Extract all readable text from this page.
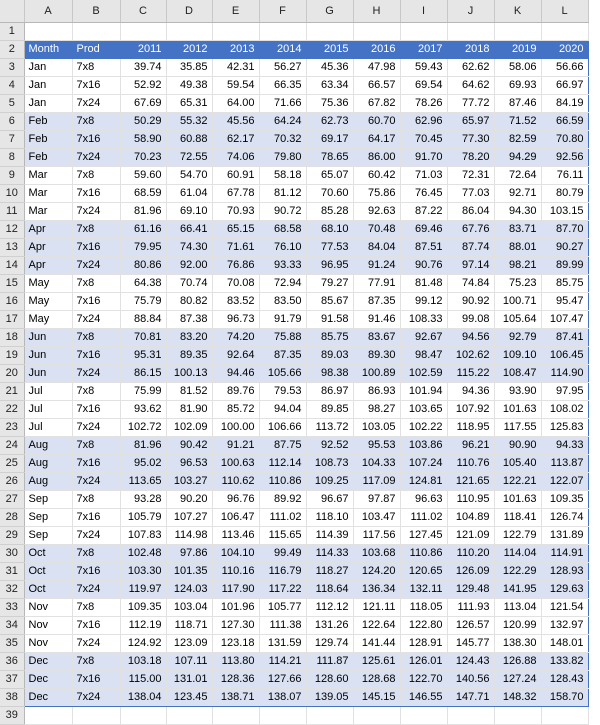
	A	B	C	D	E	F	G	H	I	J	K	L
1												
2	Month	Prod	2011	2012	2013	2014	2015	2016	2017	2018	2019	2020
3	Jan	7x8	39.74	35.85	42.31	56.27	45.36	47.98	59.43	62.62	58.06	56.66
4	Jan	7x16	52.92	49.38	59.54	66.35	63.34	66.57	69.54	64.62	69.93	66.97
5	Jan	7x24	67.69	65.31	64.00	71.66	75.36	67.82	78.26	77.72	87.46	84.19
6	Feb	7x8	50.29	55.32	45.56	64.24	62.73	60.70	62.96	65.97	71.52	66.59
7	Feb	7x16	58.90	60.88	62.17	70.32	69.17	64.17	70.45	77.30	82.59	70.80
8	Feb	7x24	70.23	72.55	74.06	79.80	78.65	86.00	91.70	78.20	94.29	92.56
9	Mar	7x8	59.60	54.70	60.91	58.18	65.07	60.42	71.03	72.31	72.64	76.11
10	Mar	7x16	68.59	61.04	67.78	81.12	70.60	75.86	76.45	77.03	92.71	80.79
11	Mar	7x24	81.96	69.10	70.93	90.72	85.28	92.63	87.22	86.04	94.30	103.15
12	Apr	7x8	61.16	66.41	65.15	68.58	68.10	70.48	69.46	67.76	83.71	87.70
13	Apr	7x16	79.95	74.30	71.61	76.10	77.53	84.04	87.51	87.74	88.01	90.27
14	Apr	7x24	80.86	92.00	76.86	93.33	96.95	91.24	90.76	97.14	98.21	89.99
15	May	7x8	64.38	70.74	70.08	72.94	79.27	77.91	81.48	74.84	75.23	85.75
16	May	7x16	75.79	80.82	83.52	83.50	85.67	87.35	99.12	90.92	100.71	95.47
17	May	7x24	88.84	87.38	96.73	91.79	91.58	91.46	108.33	99.08	105.64	107.47
18	Jun	7x8	70.81	83.20	74.20	75.88	85.75	83.67	92.67	94.56	92.79	87.41
19	Jun	7x16	95.31	89.35	92.64	87.35	89.03	89.30	98.47	102.62	109.10	106.45
20	Jun	7x24	86.15	100.13	94.46	105.66	98.38	100.89	102.59	115.22	108.47	114.90
21	Jul	7x8	75.99	81.52	89.76	79.53	86.97	86.93	101.94	94.36	93.90	97.95
22	Jul	7x16	93.62	81.90	85.72	94.04	89.85	98.27	103.65	107.92	101.63	108.02
23	Jul	7x24	102.72	102.09	100.00	106.66	113.72	103.05	102.22	118.95	117.55	125.83
24	Aug	7x8	81.96	90.42	91.21	87.75	92.52	95.53	103.86	96.21	90.90	94.33
25	Aug	7x16	95.02	96.53	100.63	112.14	108.73	104.33	107.24	110.76	105.40	113.87
26	Aug	7x24	113.65	103.27	110.62	110.86	109.25	117.09	124.81	121.65	122.21	122.07
27	Sep	7x8	93.28	90.20	96.76	89.92	96.67	97.87	96.63	110.95	101.63	109.35
28	Sep	7x16	105.79	107.27	106.47	111.02	118.10	103.47	111.02	104.89	118.41	126.74
29	Sep	7x24	107.83	114.98	113.46	115.65	114.39	117.56	127.45	121.09	122.79	131.89
30	Oct	7x8	102.48	97.86	104.10	99.49	114.33	103.68	110.86	110.20	114.04	114.91
31	Oct	7x16	103.30	101.35	110.16	116.79	118.27	124.20	120.65	126.09	122.29	128.93
32	Oct	7x24	119.97	124.03	117.90	117.22	118.64	136.34	132.11	129.48	141.95	129.63
33	Nov	7x8	109.35	103.04	101.96	105.77	112.12	121.11	118.05	111.93	113.04	121.54
34	Nov	7x16	112.19	118.71	127.30	111.38	131.26	122.64	122.80	126.57	120.99	132.97
35	Nov	7x24	124.92	123.09	123.18	131.59	129.74	141.44	128.91	145.77	138.30	148.01
36	Dec	7x8	103.18	107.11	113.80	114.21	111.87	125.61	126.01	124.43	126.88	133.82
37	Dec	7x16	115.00	131.01	128.36	127.66	128.60	128.68	122.70	140.56	127.24	128.43
38	Dec	7x24	138.04	123.45	138.71	138.07	139.05	145.15	146.55	147.71	148.32	158.70
39												
